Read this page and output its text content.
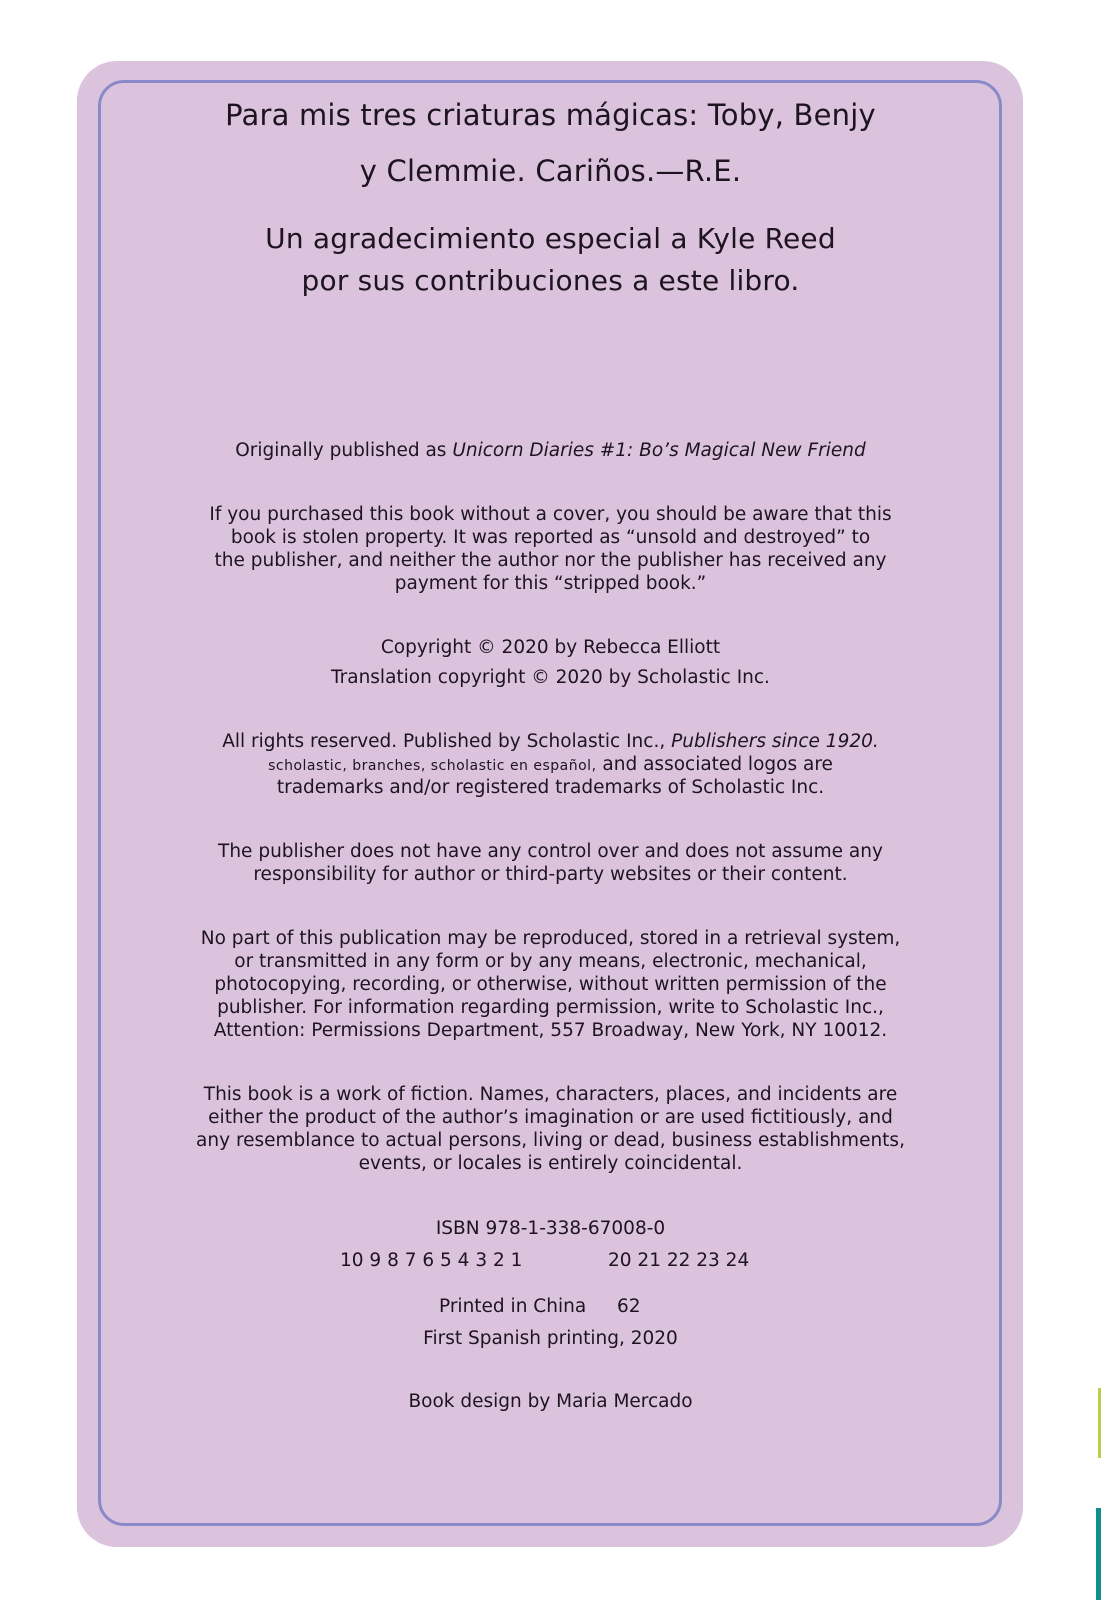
Para mis tres criaturas mágicas: Toby, Benjy
y Clemmie. Cariños.—R.E.
Un agradecimiento especial a Kyle Reed
por sus contribuciones a este libro.
Originally published as Unicorn Diaries #1: Bo’s Magical New Friend
If you purchased this book without a cover, you should be aware that this
book is stolen property. It was reported as “unsold and destroyed” to
the publisher, and neither the author nor the publisher has received any
payment for this “stripped book.”
Copyright © 2020 by Rebecca Elliott
Translation copyright © 2020 by Scholastic Inc.
All rights reserved. Published by Scholastic Inc., Publishers since 1920.
scholastic, branches, scholastic en español, and associated logos are
trademarks and/or registered trademarks of Scholastic Inc.
The publisher does not have any control over and does not assume any
responsibility for author or third-party websites or their content.
No part of this publication may be reproduced, stored in a retrieval system,
or transmitted in any form or by any means, electronic, mechanical,
photocopying, recording, or otherwise, without written permission of the
publisher. For information regarding permission, write to Scholastic Inc.,
Attention: Permissions Department, 557 Broadway, New York, NY 10012.
This book is a work of fiction. Names, characters, places, and incidents are
either the product of the author’s imagination or are used fictitiously, and
any resemblance to actual persons, living or dead, business establishments,
events, or locales is entirely coincidental.
ISBN 978-1-338-67008-0
10 9 8 7 6 5 4 3 2 1	20 21 22 23 24
Printed in China 62
First Spanish printing, 2020
Book design by Maria Mercado
